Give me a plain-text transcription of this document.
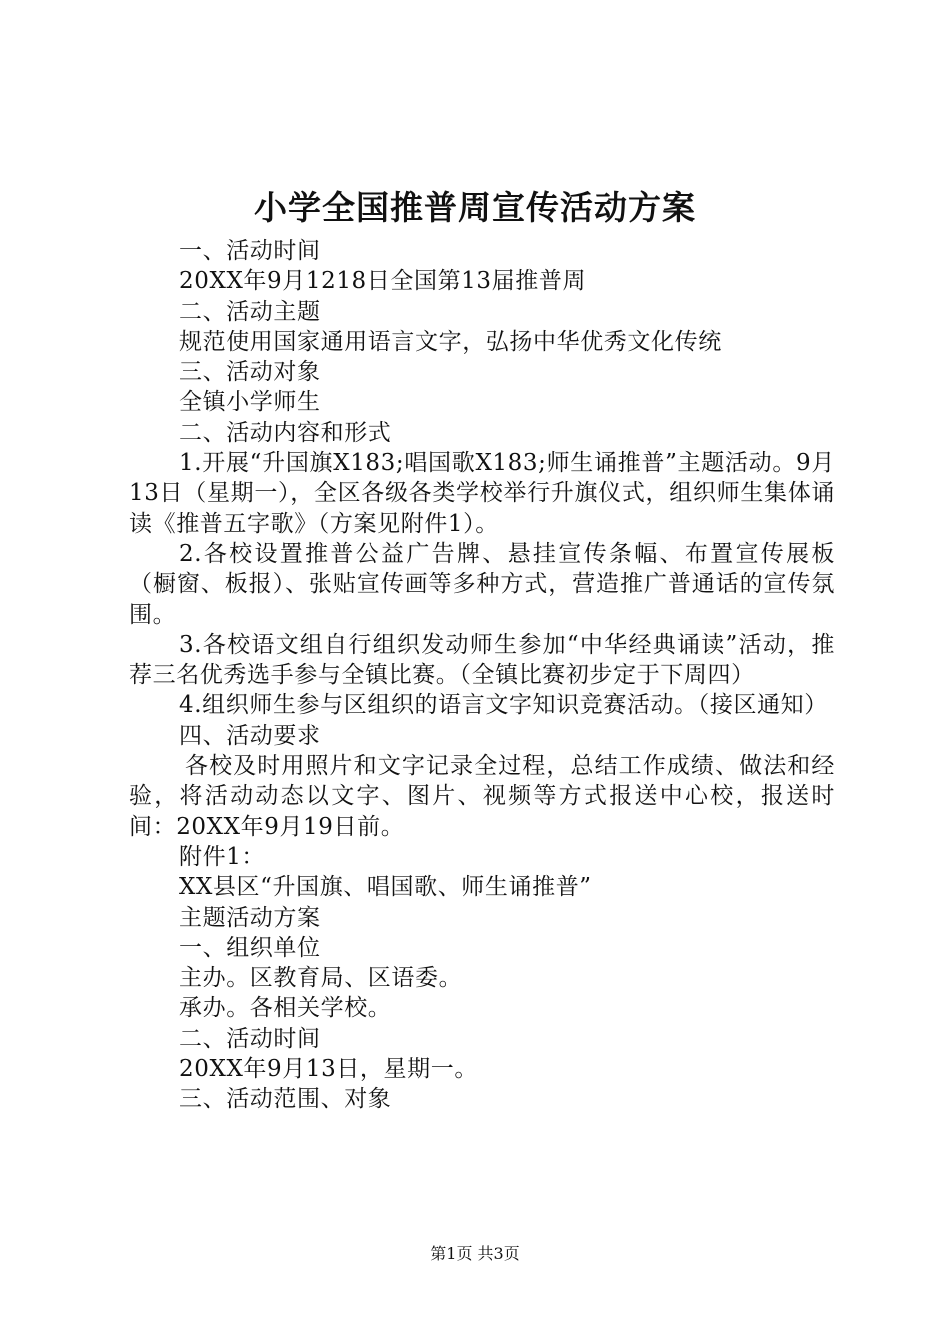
小学全国推普周宣传活动方案
一、活动时间
20XX年9月1218日全国第13届推普周
二、活动主题
规范使用国家通用语言文字，弘扬中华优秀文化传统
三、活动对象
全镇小学师生
二、活动内容和形式
1.开展“升国旗X183;唱国歌X183;师生诵推普”主题活动。9月13日（星期一），全区各级各类学校举行升旗仪式，组织师生集体诵读《推普五字歌》（方案见附件1）。
2.各校设置推普公益广告牌、悬挂宣传条幅、布置宣传展板（橱窗、板报）、张贴宣传画等多种方式，营造推广普通话的宣传氛围。
3.各校语文组自行组织发动师生参加“中华经典诵读”活动，推荐三名优秀选手参与全镇比赛。（全镇比赛初步定于下周四）
4.组织师生参与区组织的语言文字知识竞赛活动。（接区通知）
四、活动要求
各校及时用照片和文字记录全过程，总结工作成绩、做法和经验，将活动动态以文字、图片、视频等方式报送中心校，报送时间：20XX年9月19日前。
附件1：
XX县区“升国旗、唱国歌、师生诵推普”
主题活动方案
一、组织单位
主办。区教育局、区语委。
承办。各相关学校。
二、活动时间
20XX年9月13日，星期一。
三、活动范围、对象
第1页 共3页
